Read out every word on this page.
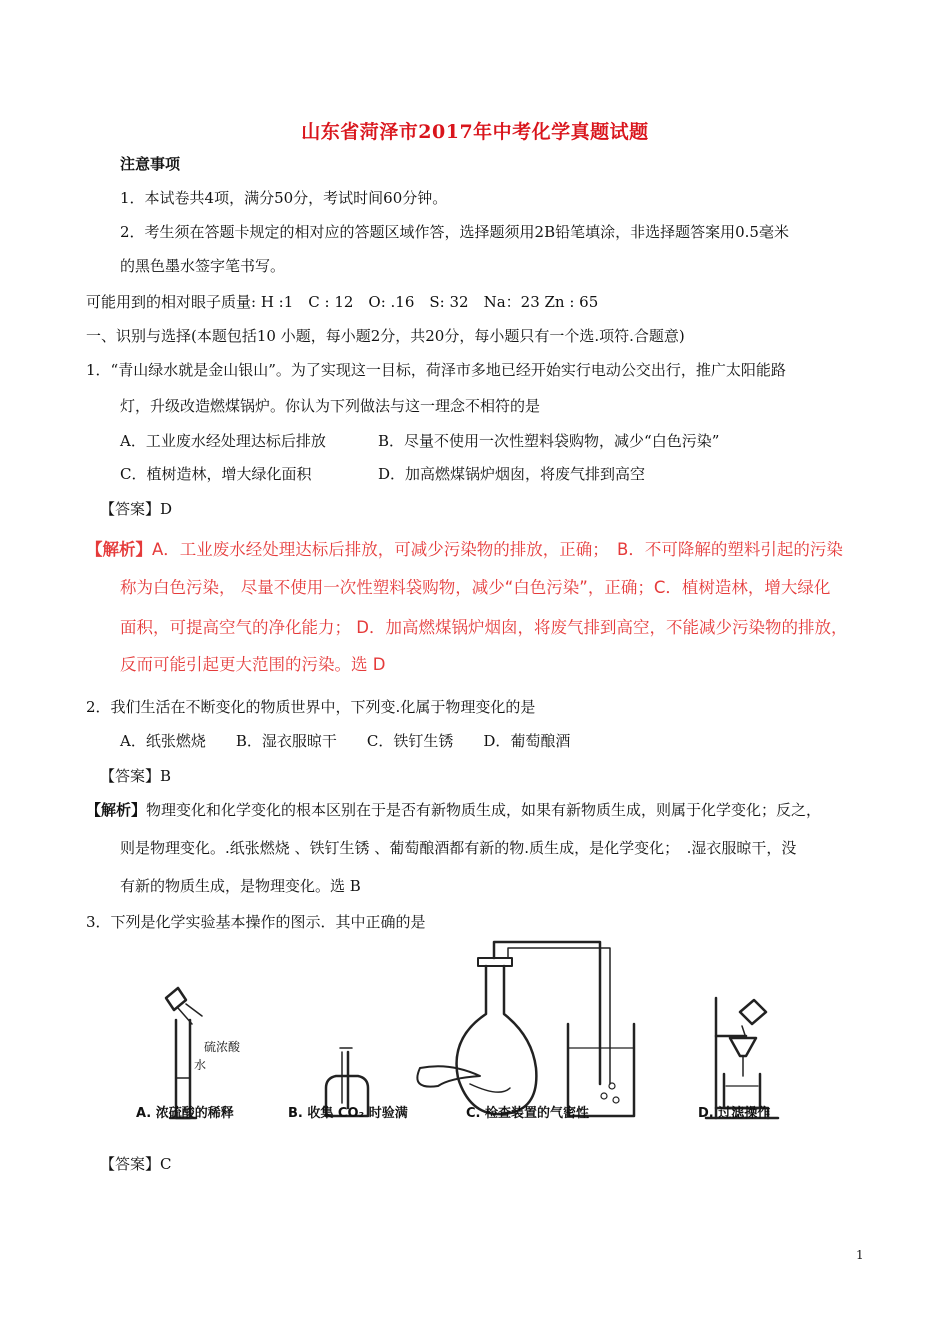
山东省菏泽市2017年中考化学真题试题
注意事项
1．本试卷共4项，满分50分，考试时间60分钟。
2．考生须在答题卡规定的相对应的答题区域作答，选择题须用2B铅笔填涂，非选择题答案用0.5毫米
的黑色墨水签字笔书写。
可能用到的相对眼子质量: H :1　C : 12　O: .16　S: 32　Na：23 Zn : 65
一、识别与选择(本题包括10 小题，每小题2分，共20分，每小题只有一个选.项符.合题意)
1．“青山绿水就是金山银山”。为了实现这一目标，荷泽市多地已经开始实行电动公交出行，推广太阳能路
灯，升级改造燃煤锅炉。你认为下列做法与这一理念不相符的是
A．工业废水经处理达标后排放	B．尽量不使用一次性塑料袋购物，减少“白色污染”
C．植树造林，增大绿化面积	D．加高燃煤锅炉烟囱，将废气排到高空
【答案】D
【解析】A．工业废水经处理达标后排放，可减少污染物的排放，正确；　B．不可降解的塑料引起的污染
称为白色污染， 尽量不使用一次性塑料袋购物，减少“白色污染”，正确；C．植树造林，增大绿化
面积，可提高空气的净化能力； D．加高燃煤锅炉烟囱，将废气排到高空，不能减少污染物的排放，
反而可能引起更大范围的污染。选 D
2．我们生活在不断变化的物质世界中，下列变.化属于物理变化的是
A．纸张燃烧　　B．湿衣服晾干　　C．铁钉生锈　　D．葡萄酿酒
【答案】B
【解析】物理变化和化学变化的根本区别在于是否有新物质生成，如果有新物质生成，则属于化学变化；反之，
则是物理变化。.纸张燃烧 、铁钉生锈 、葡萄酿酒都有新的物.质生成，是化学变化；　.湿衣服晾干，没
有新的物质生成，是物理变化。选 B
3．下列是化学实验基本操作的图示．其中正确的是
硫浓酸
水
A. 浓硫酸的稀释	B. 收集 CO₂ 时验满	C. 检查装置的气密性	D. 过滤操作
【答案】C
1
